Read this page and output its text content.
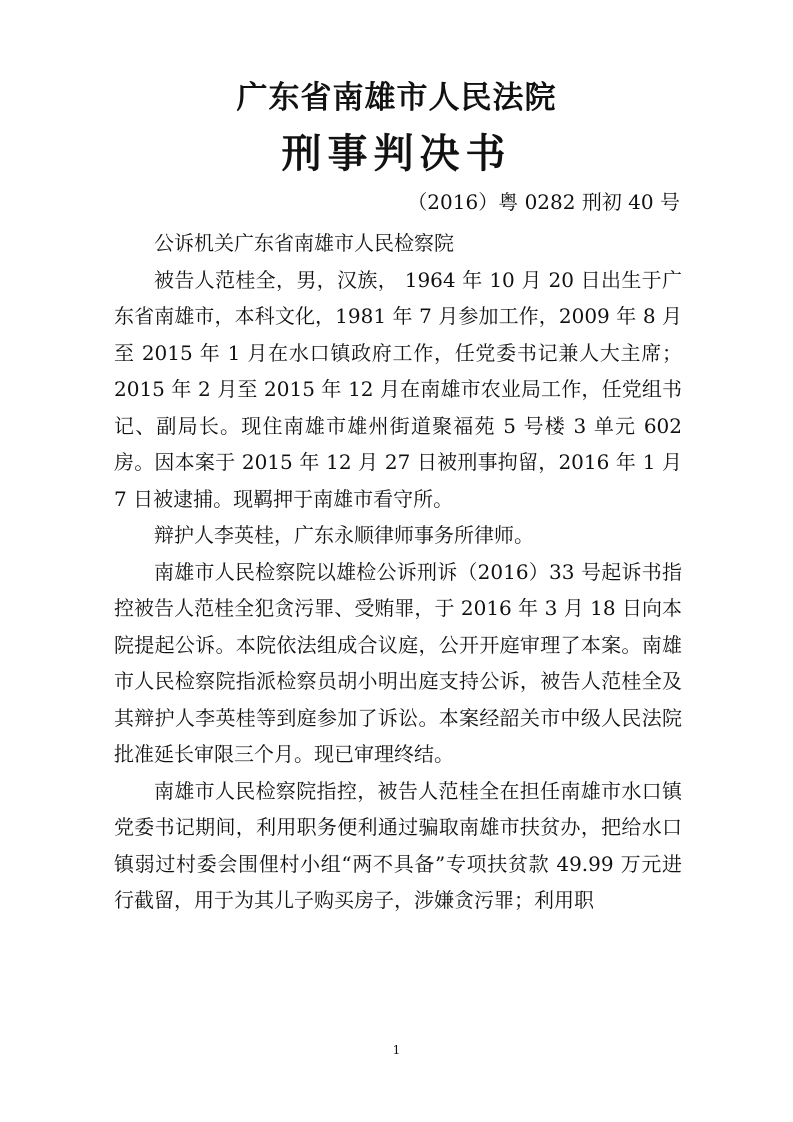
广东省南雄市人民法院
刑事判决书
（2016）粤 0282 刑初 40 号

公诉机关广东省南雄市人民检察院

被告人范桂全，男，汉族， 1964 年 10 月 20 日出生于广东省南雄市，本科文化，1981 年 7 月参加工作，2009 年 8 月至 2015 年 1 月在水口镇政府工作，任党委书记兼人大主席；2015 年 2 月至 2015 年 12 月在南雄市农业局工作，任党组书记、副局长。现住南雄市雄州街道聚福苑 5 号楼 3 单元 602 房。因本案于 2015 年 12 月 27 日被刑事拘留，2016 年 1 月 7 日被逮捕。现羁押于南雄市看守所。

辩护人李英桂，广东永顺律师事务所律师。

南雄市人民检察院以雄检公诉刑诉（2016）33 号起诉书指控被告人范桂全犯贪污罪、受贿罪，于 2016 年 3 月 18 日向本院提起公诉。本院依法组成合议庭，公开开庭审理了本案。南雄市人民检察院指派检察员胡小明出庭支持公诉，被告人范桂全及其辩护人李英桂等到庭参加了诉讼。本案经韶关市中级人民法院批准延长审限三个月。现已审理终结。

南雄市人民检察院指控，被告人范桂全在担任南雄市水口镇党委书记期间，利用职务便利通过骗取南雄市扶贫办，把给水口镇弱过村委会围俚村小组“两不具备”专项扶贫款 49.99 万元进行截留，用于为其儿子购买房子，涉嫌贪污罪；利用职

1
